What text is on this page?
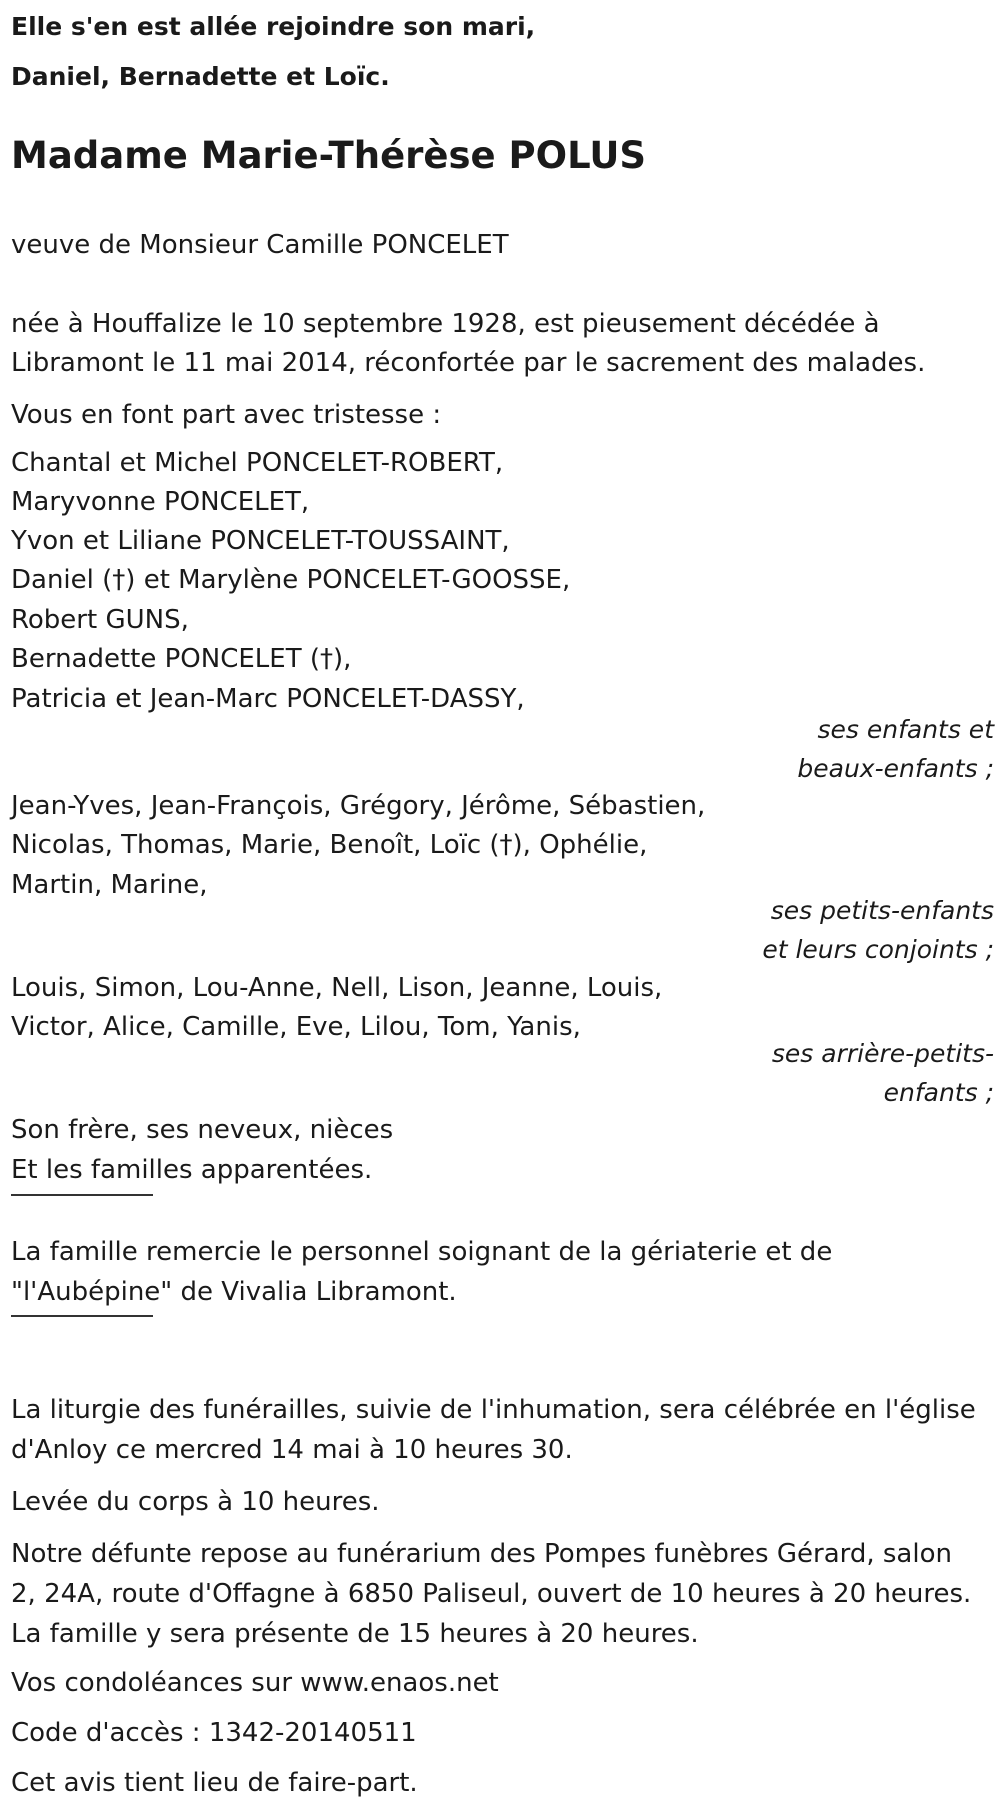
Elle s'en est allée rejoindre son mari,
Daniel, Bernadette et Loïc.
Madame Marie-Thérèse POLUS
veuve de Monsieur Camille PONCELET
née à Houffalize le 10 septembre 1928, est pieusement décédée à
Libramont le 11 mai 2014, réconfortée par le sacrement des malades.
Vous en font part avec tristesse :
Chantal et Michel PONCELET-ROBERT,
Maryvonne PONCELET,
Yvon et Liliane PONCELET-TOUSSAINT,
Daniel (†) et Marylène PONCELET-GOOSSE,
Robert GUNS,
Bernadette PONCELET (†),
Patricia et Jean-Marc PONCELET-DASSY,
ses enfants et
beaux-enfants ;
Jean-Yves, Jean-François, Grégory, Jérôme, Sébastien,
Nicolas, Thomas, Marie, Benoît, Loïc (†), Ophélie,
Martin, Marine,
ses petits-enfants
et leurs conjoints ;
Louis, Simon, Lou-Anne, Nell, Lison, Jeanne, Louis,
Victor, Alice, Camille, Eve, Lilou, Tom, Yanis,
ses arrière-petits-
enfants ;
Son frère, ses neveux, nièces
Et les familles apparentées.
La famille remercie le personnel soignant de la gériaterie et de
"l'Aubépine" de Vivalia Libramont.
La liturgie des funérailles, suivie de l'inhumation, sera célébrée en l'église
d'Anloy ce mercred 14 mai à 10 heures 30.
Levée du corps à 10 heures.
Notre défunte repose au funérarium des Pompes funèbres Gérard, salon
2, 24A, route d'Offagne à 6850 Paliseul, ouvert de 10 heures à 20 heures.
La famille y sera présente de 15 heures à 20 heures.
Vos condoléances sur www.enaos.net
Code d'accès : 1342-20140511
Cet avis tient lieu de faire-part.
